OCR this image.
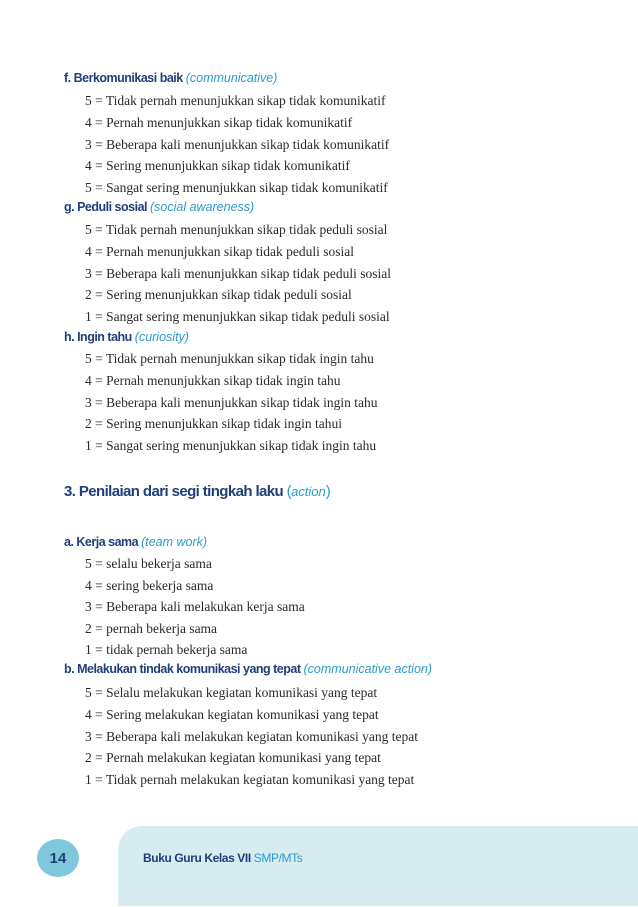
f. Berkomunikasi baik (communicative)
5 = Tidak pernah menunjukkan sikap tidak komunikatif
4 = Pernah menunjukkan sikap tidak komunikatif
3 = Beberapa kali menunjukkan sikap tidak komunikatif
4 = Sering menunjukkan sikap tidak komunikatif
5 = Sangat sering menunjukkan sikap tidak komunikatif
g. Peduli sosial (social awareness)
5 = Tidak pernah menunjukkan sikap tidak peduli sosial
4 = Pernah menunjukkan sikap tidak peduli sosial
3 = Beberapa kali menunjukkan sikap tidak peduli sosial
2 = Sering menunjukkan sikap tidak peduli sosial
1 = Sangat sering menunjukkan sikap tidak peduli sosial
h. Ingin tahu (curiosity)
5 = Tidak pernah menunjukkan sikap tidak ingin tahu
4 = Pernah menunjukkan sikap tidak ingin tahu
3 = Beberapa kali menunjukkan sikap tidak ingin tahu
2 = Sering menunjukkan sikap tidak ingin tahui
1 = Sangat sering menunjukkan sikap tidak ingin tahu
3. Penilaian dari segi tingkah laku (action)
a. Kerja sama (team work)
5 = selalu bekerja sama
4 = sering bekerja sama
3 = Beberapa kali melakukan kerja sama
2 = pernah bekerja sama
1 = tidak pernah bekerja sama
b. Melakukan tindak komunikasi yang tepat (communicative action)
5 = Selalu melakukan kegiatan komunikasi yang tepat
4 = Sering melakukan kegiatan komunikasi yang tepat
3 = Beberapa kali melakukan kegiatan komunikasi yang tepat
2 = Pernah melakukan kegiatan komunikasi yang tepat
1 = Tidak pernah melakukan kegiatan komunikasi yang tepat
14	Buku Guru Kelas VII SMP/MTs
